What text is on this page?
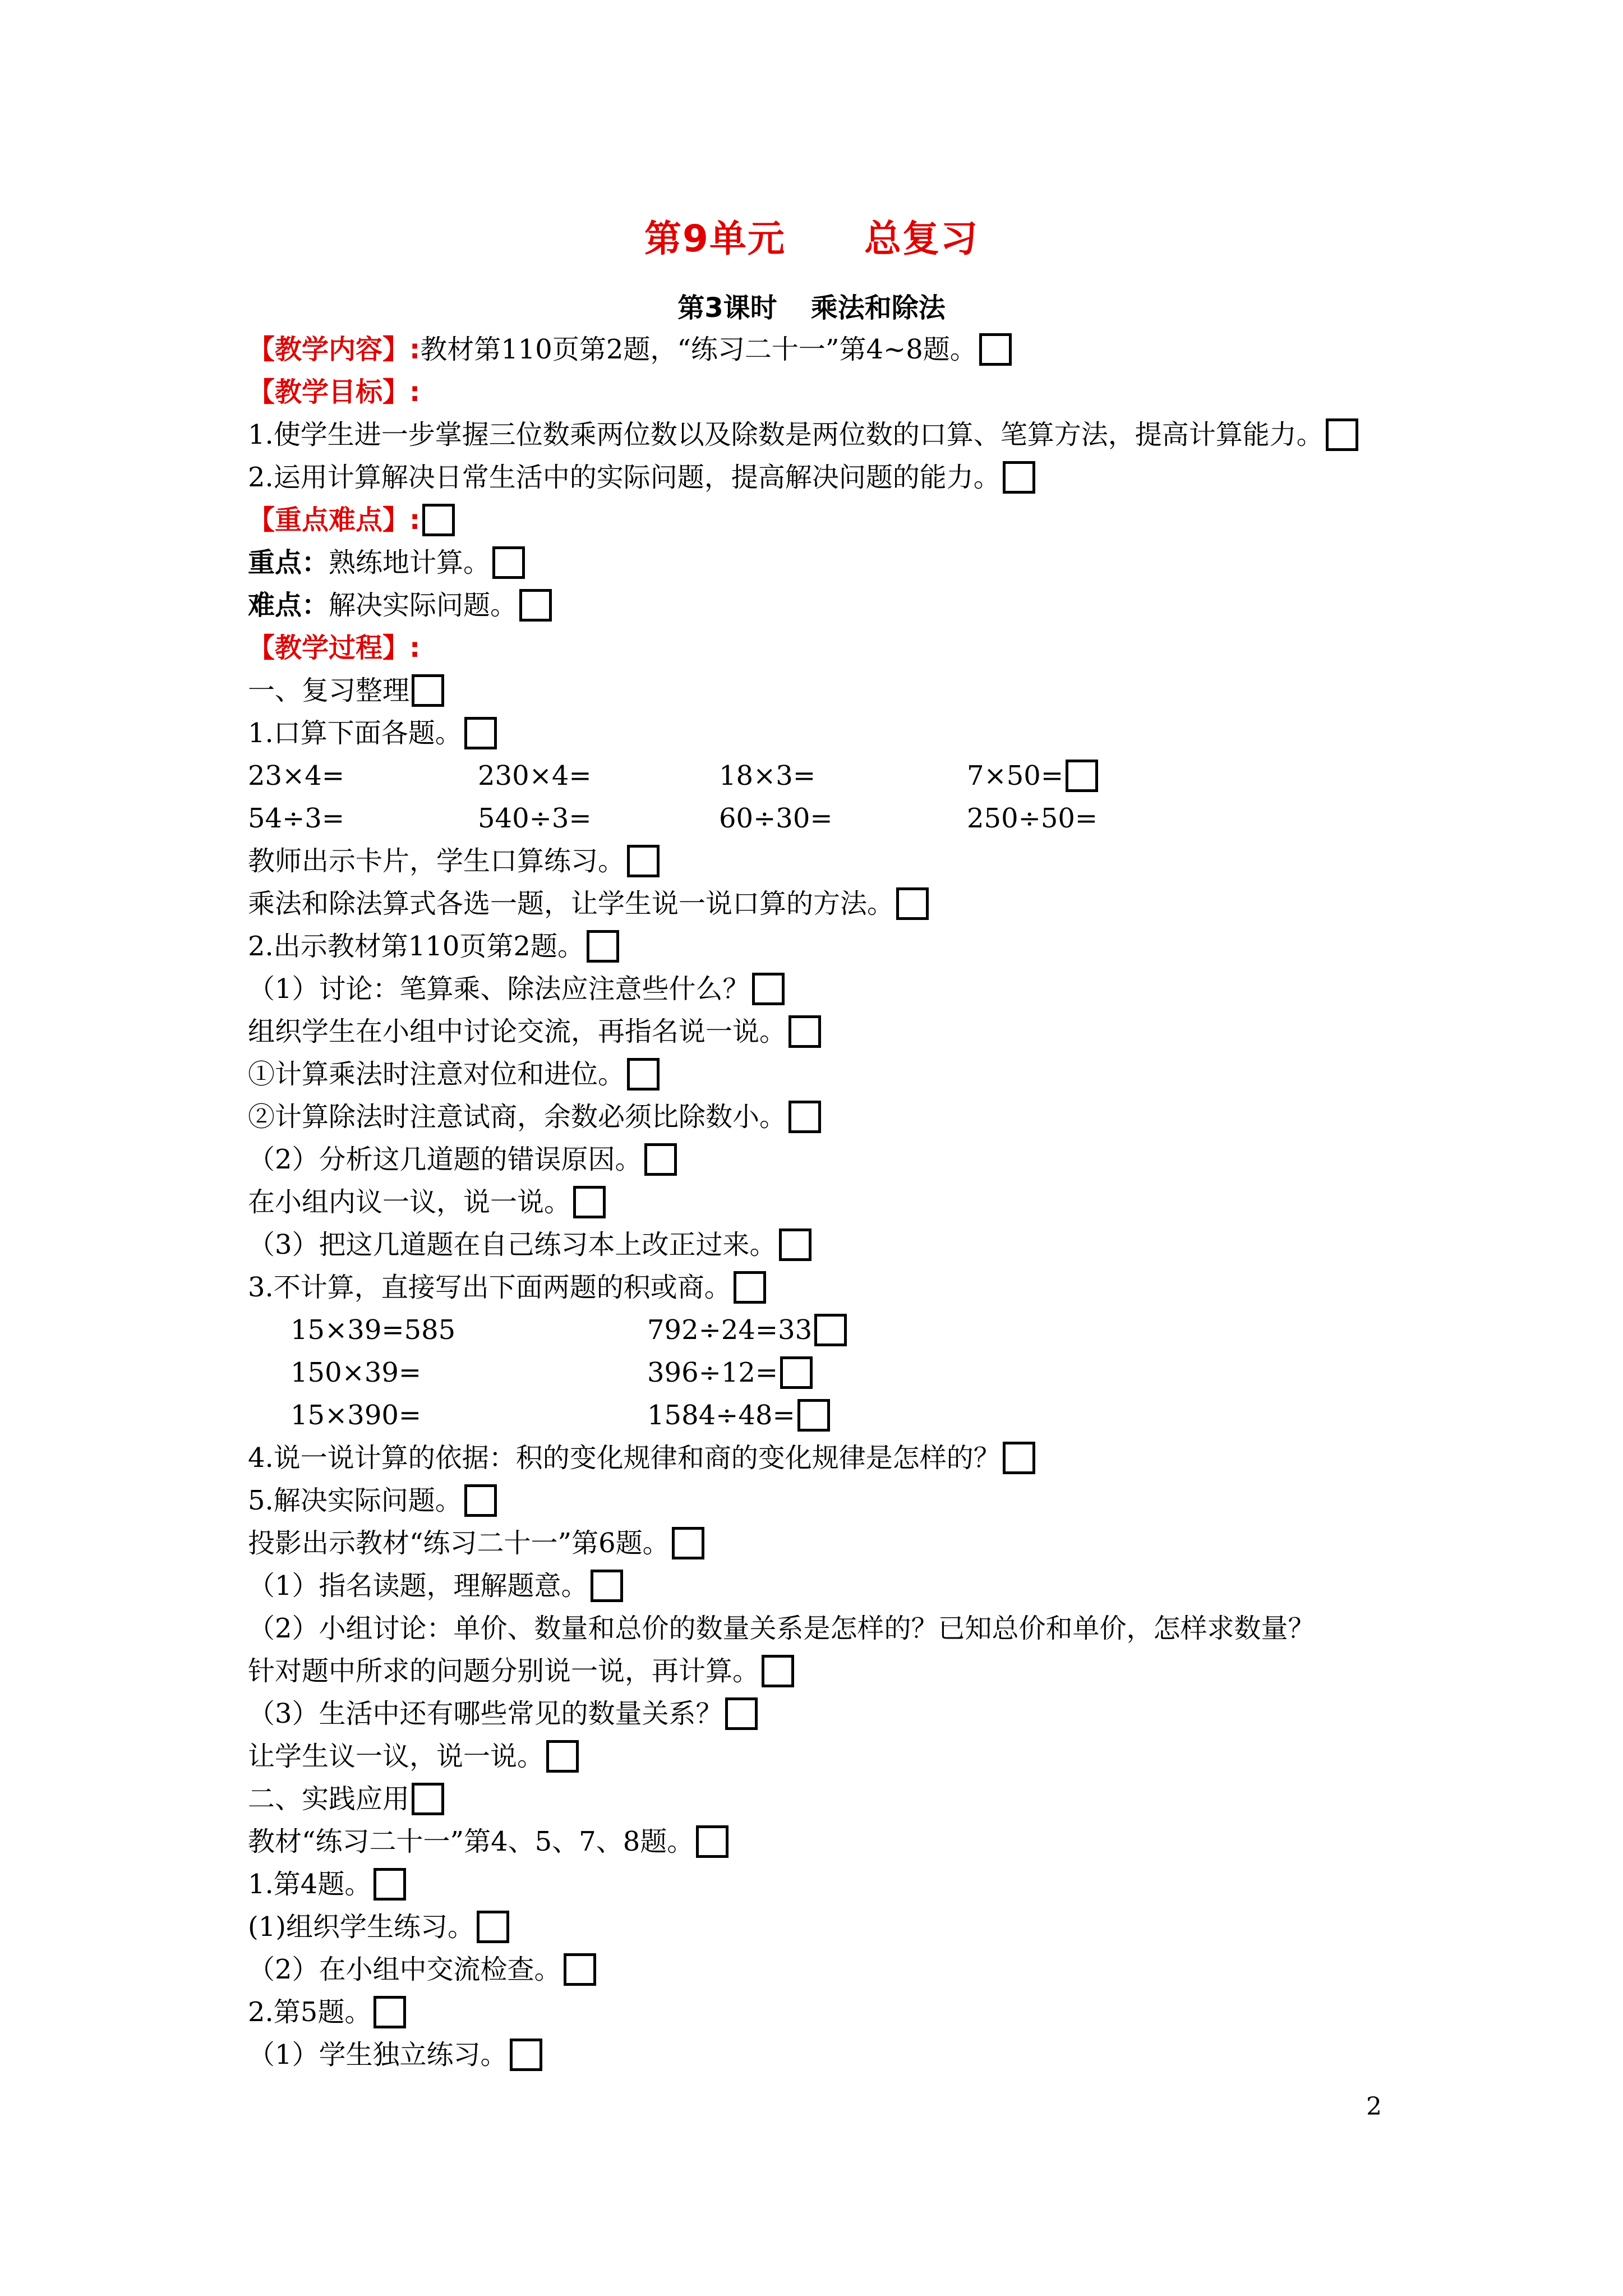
第9单元 总复习
第3课时 乘法和除法
【教学内容】:教材第110页第2题，“练习二十一”第4~8题。
【教学目标】:
1.使学生进一步掌握三位数乘两位数以及除数是两位数的口算、笔算方法，提高计算能力。
2.运用计算解决日常生活中的实际问题，提高解决问题的能力。
【重点难点】:
重点：熟练地计算。
难点：解决实际问题。
【教学过程】:
一、复习整理
1.口算下面各题。
23×4=	230×4=	18×3=	7×50=
54÷3=	540÷3=	60÷30=	250÷50=
教师出示卡片，学生口算练习。
乘法和除法算式各选一题，让学生说一说口算的方法。
2.出示教材第110页第2题。
（1）讨论：笔算乘、除法应注意些什么？
组织学生在小组中讨论交流，再指名说一说。
①计算乘法时注意对位和进位。
②计算除法时注意试商，余数必须比除数小。
（2）分析这几道题的错误原因。
在小组内议一议，说一说。
（3）把这几道题在自己练习本上改正过来。
3.不计算，直接写出下面两题的积或商。
15×39=585	792÷24=33
150×39=	396÷12=
15×390=	1584÷48=
4.说一说计算的依据：积的变化规律和商的变化规律是怎样的？
5.解决实际问题。
投影出示教材“练习二十一”第6题。
（1）指名读题，理解题意。
（2）小组讨论：单价、数量和总价的数量关系是怎样的？已知总价和单价，怎样求数量？
针对题中所求的问题分别说一说，再计算。
（3）生活中还有哪些常见的数量关系？
让学生议一议，说一说。
二、实践应用
教材“练习二十一”第4、5、7、8题。
1.第4题。
(1)组织学生练习。
（2）在小组中交流检查。
2.第5题。
（1）学生独立练习。
2
